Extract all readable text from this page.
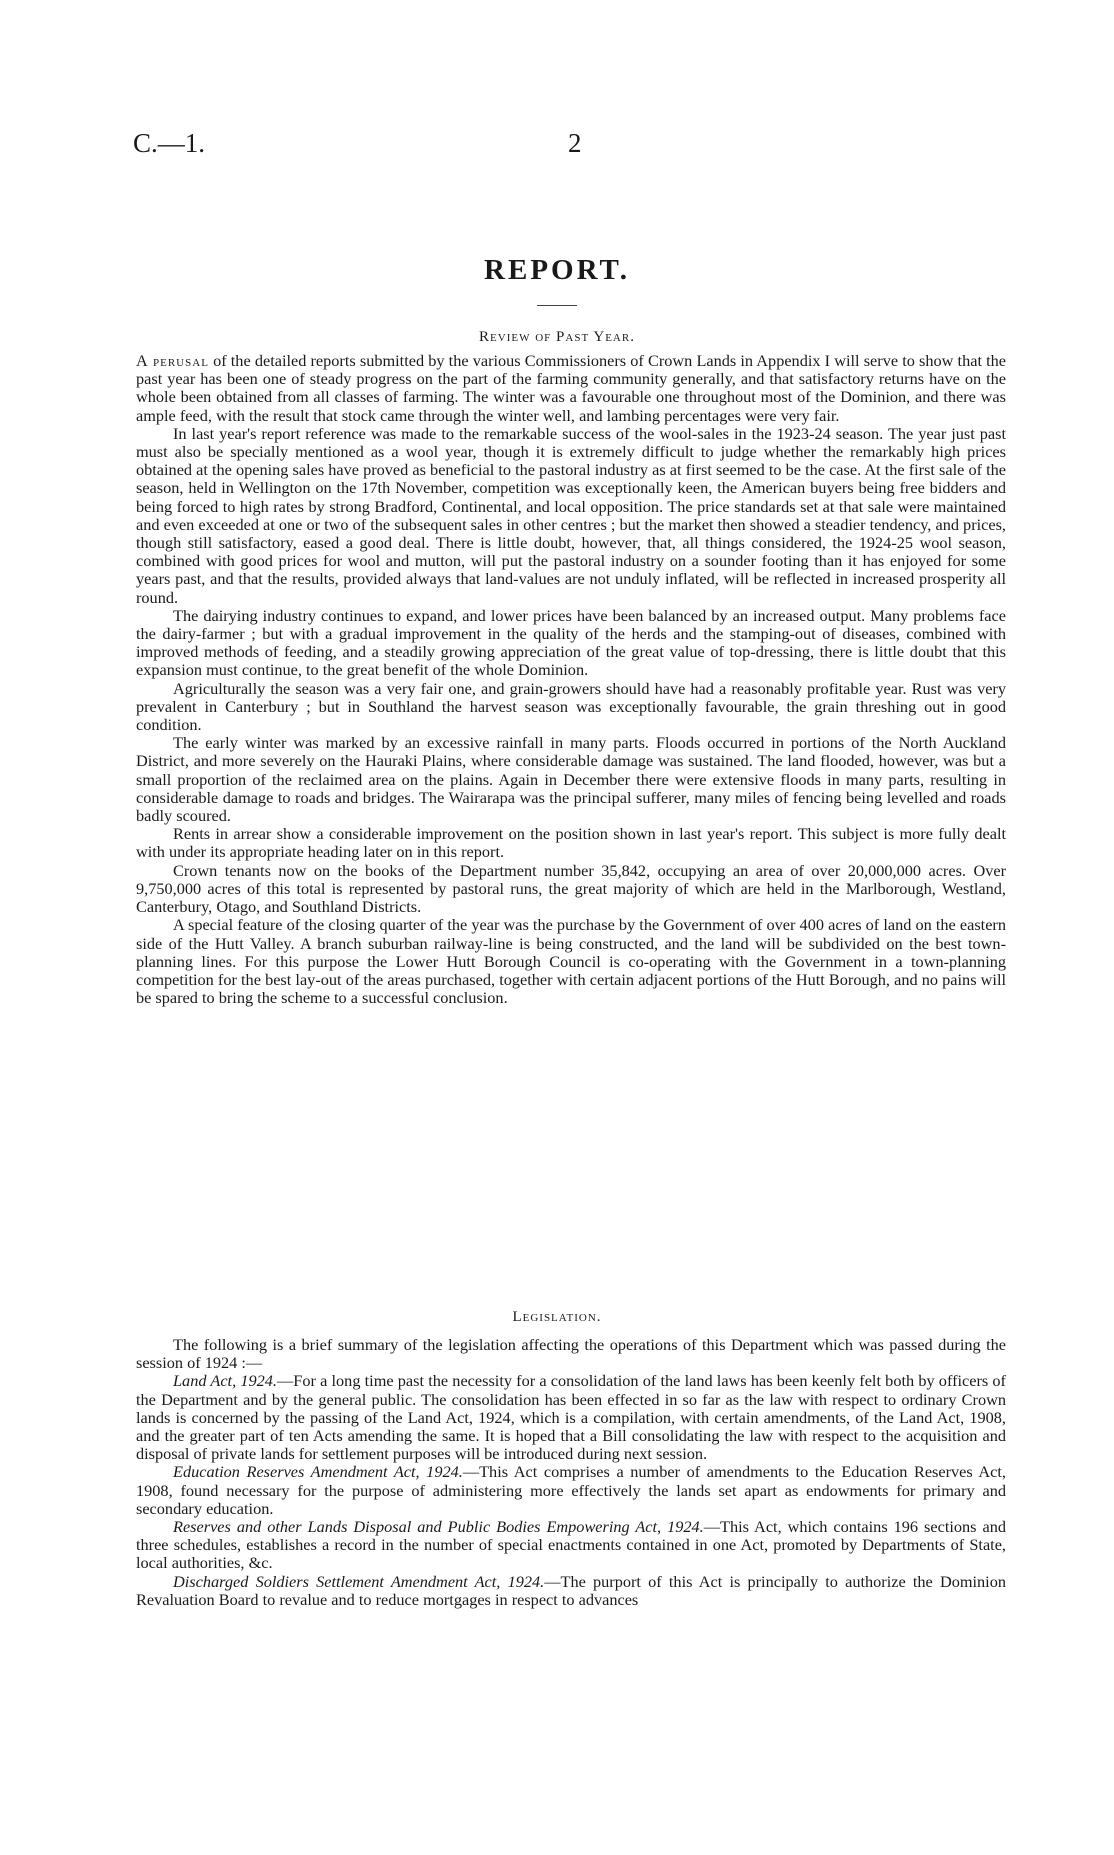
C.—1.	2
REPORT.
Review of Past Year.

A perusal of the detailed reports submitted by the various Commissioners of Crown Lands in Appendix I will serve to show that the past year has been one of steady progress on the part of the farming community generally, and that satisfactory returns have on the whole been obtained from all classes of farming. The winter was a favourable one throughout most of the Dominion, and there was ample feed, with the result that stock came through the winter well, and lambing percentages were very fair.

In last year's report reference was made to the remarkable success of the wool-sales in the 1923-24 season. The year just past must also be specially mentioned as a wool year, though it is extremely difficult to judge whether the remarkably high prices obtained at the opening sales have proved as beneficial to the pastoral industry as at first seemed to be the case. At the first sale of the season, held in Wellington on the 17th November, competition was exceptionally keen, the American buyers being free bidders and being forced to high rates by strong Bradford, Continental, and local opposition. The price standards set at that sale were maintained and even exceeded at one or two of the subsequent sales in other centres ; but the market then showed a steadier tendency, and prices, though still satisfactory, eased a good deal. There is little doubt, however, that, all things considered, the 1924-25 wool season, combined with good prices for wool and mutton, will put the pastoral industry on a sounder footing than it has enjoyed for some years past, and that the results, provided always that land-values are not unduly inflated, will be reflected in increased prosperity all round.

The dairying industry continues to expand, and lower prices have been balanced by an increased output. Many problems face the dairy-farmer ; but with a gradual improvement in the quality of the herds and the stamping-out of diseases, combined with improved methods of feeding, and a steadily growing appreciation of the great value of top-dressing, there is little doubt that this expansion must continue, to the great benefit of the whole Dominion.

Agriculturally the season was a very fair one, and grain-growers should have had a reasonably profitable year. Rust was very prevalent in Canterbury ; but in Southland the harvest season was exceptionally favourable, the grain threshing out in good condition.

The early winter was marked by an excessive rainfall in many parts. Floods occurred in portions of the North Auckland District, and more severely on the Hauraki Plains, where considerable damage was sustained. The land flooded, however, was but a small proportion of the reclaimed area on the plains. Again in December there were extensive floods in many parts, resulting in considerable damage to roads and bridges. The Wairarapa was the principal sufferer, many miles of fencing being levelled and roads badly scoured.

Rents in arrear show a considerable improvement on the position shown in last year's report. This subject is more fully dealt with under its appropriate heading later on in this report.

Crown tenants now on the books of the Department number 35,842, occupying an area of over 20,000,000 acres. Over 9,750,000 acres of this total is represented by pastoral runs, the great majority of which are held in the Marlborough, Westland, Canterbury, Otago, and Southland Districts.

A special feature of the closing quarter of the year was the purchase by the Government of over 400 acres of land on the eastern side of the Hutt Valley. A branch suburban railway-line is being constructed, and the land will be subdivided on the best town-planning lines. For this purpose the Lower Hutt Borough Council is co-operating with the Government in a town-planning competition for the best lay-out of the areas purchased, together with certain adjacent portions of the Hutt Borough, and no pains will be spared to bring the scheme to a successful conclusion.

Legislation.

The following is a brief summary of the legislation affecting the operations of this Department which was passed during the session of 1924 :—

Land Act, 1924.—For a long time past the necessity for a consolidation of the land laws has been keenly felt both by officers of the Department and by the general public. The consolidation has been effected in so far as the law with respect to ordinary Crown lands is concerned by the passing of the Land Act, 1924, which is a compilation, with certain amendments, of the Land Act, 1908, and the greater part of ten Acts amending the same. It is hoped that a Bill consolidating the law with respect to the acquisition and disposal of private lands for settlement purposes will be introduced during next session.

Education Reserves Amendment Act, 1924.—This Act comprises a number of amendments to the Education Reserves Act, 1908, found necessary for the purpose of administering more effectively the lands set apart as endowments for primary and secondary education.

Reserves and other Lands Disposal and Public Bodies Empowering Act, 1924.—This Act, which contains 196 sections and three schedules, establishes a record in the number of special enactments contained in one Act, promoted by Departments of State, local authorities, &c.

Discharged Soldiers Settlement Amendment Act, 1924.—The purport of this Act is principally to authorize the Dominion Revaluation Board to revalue and to reduce mortgages in respect to advances
